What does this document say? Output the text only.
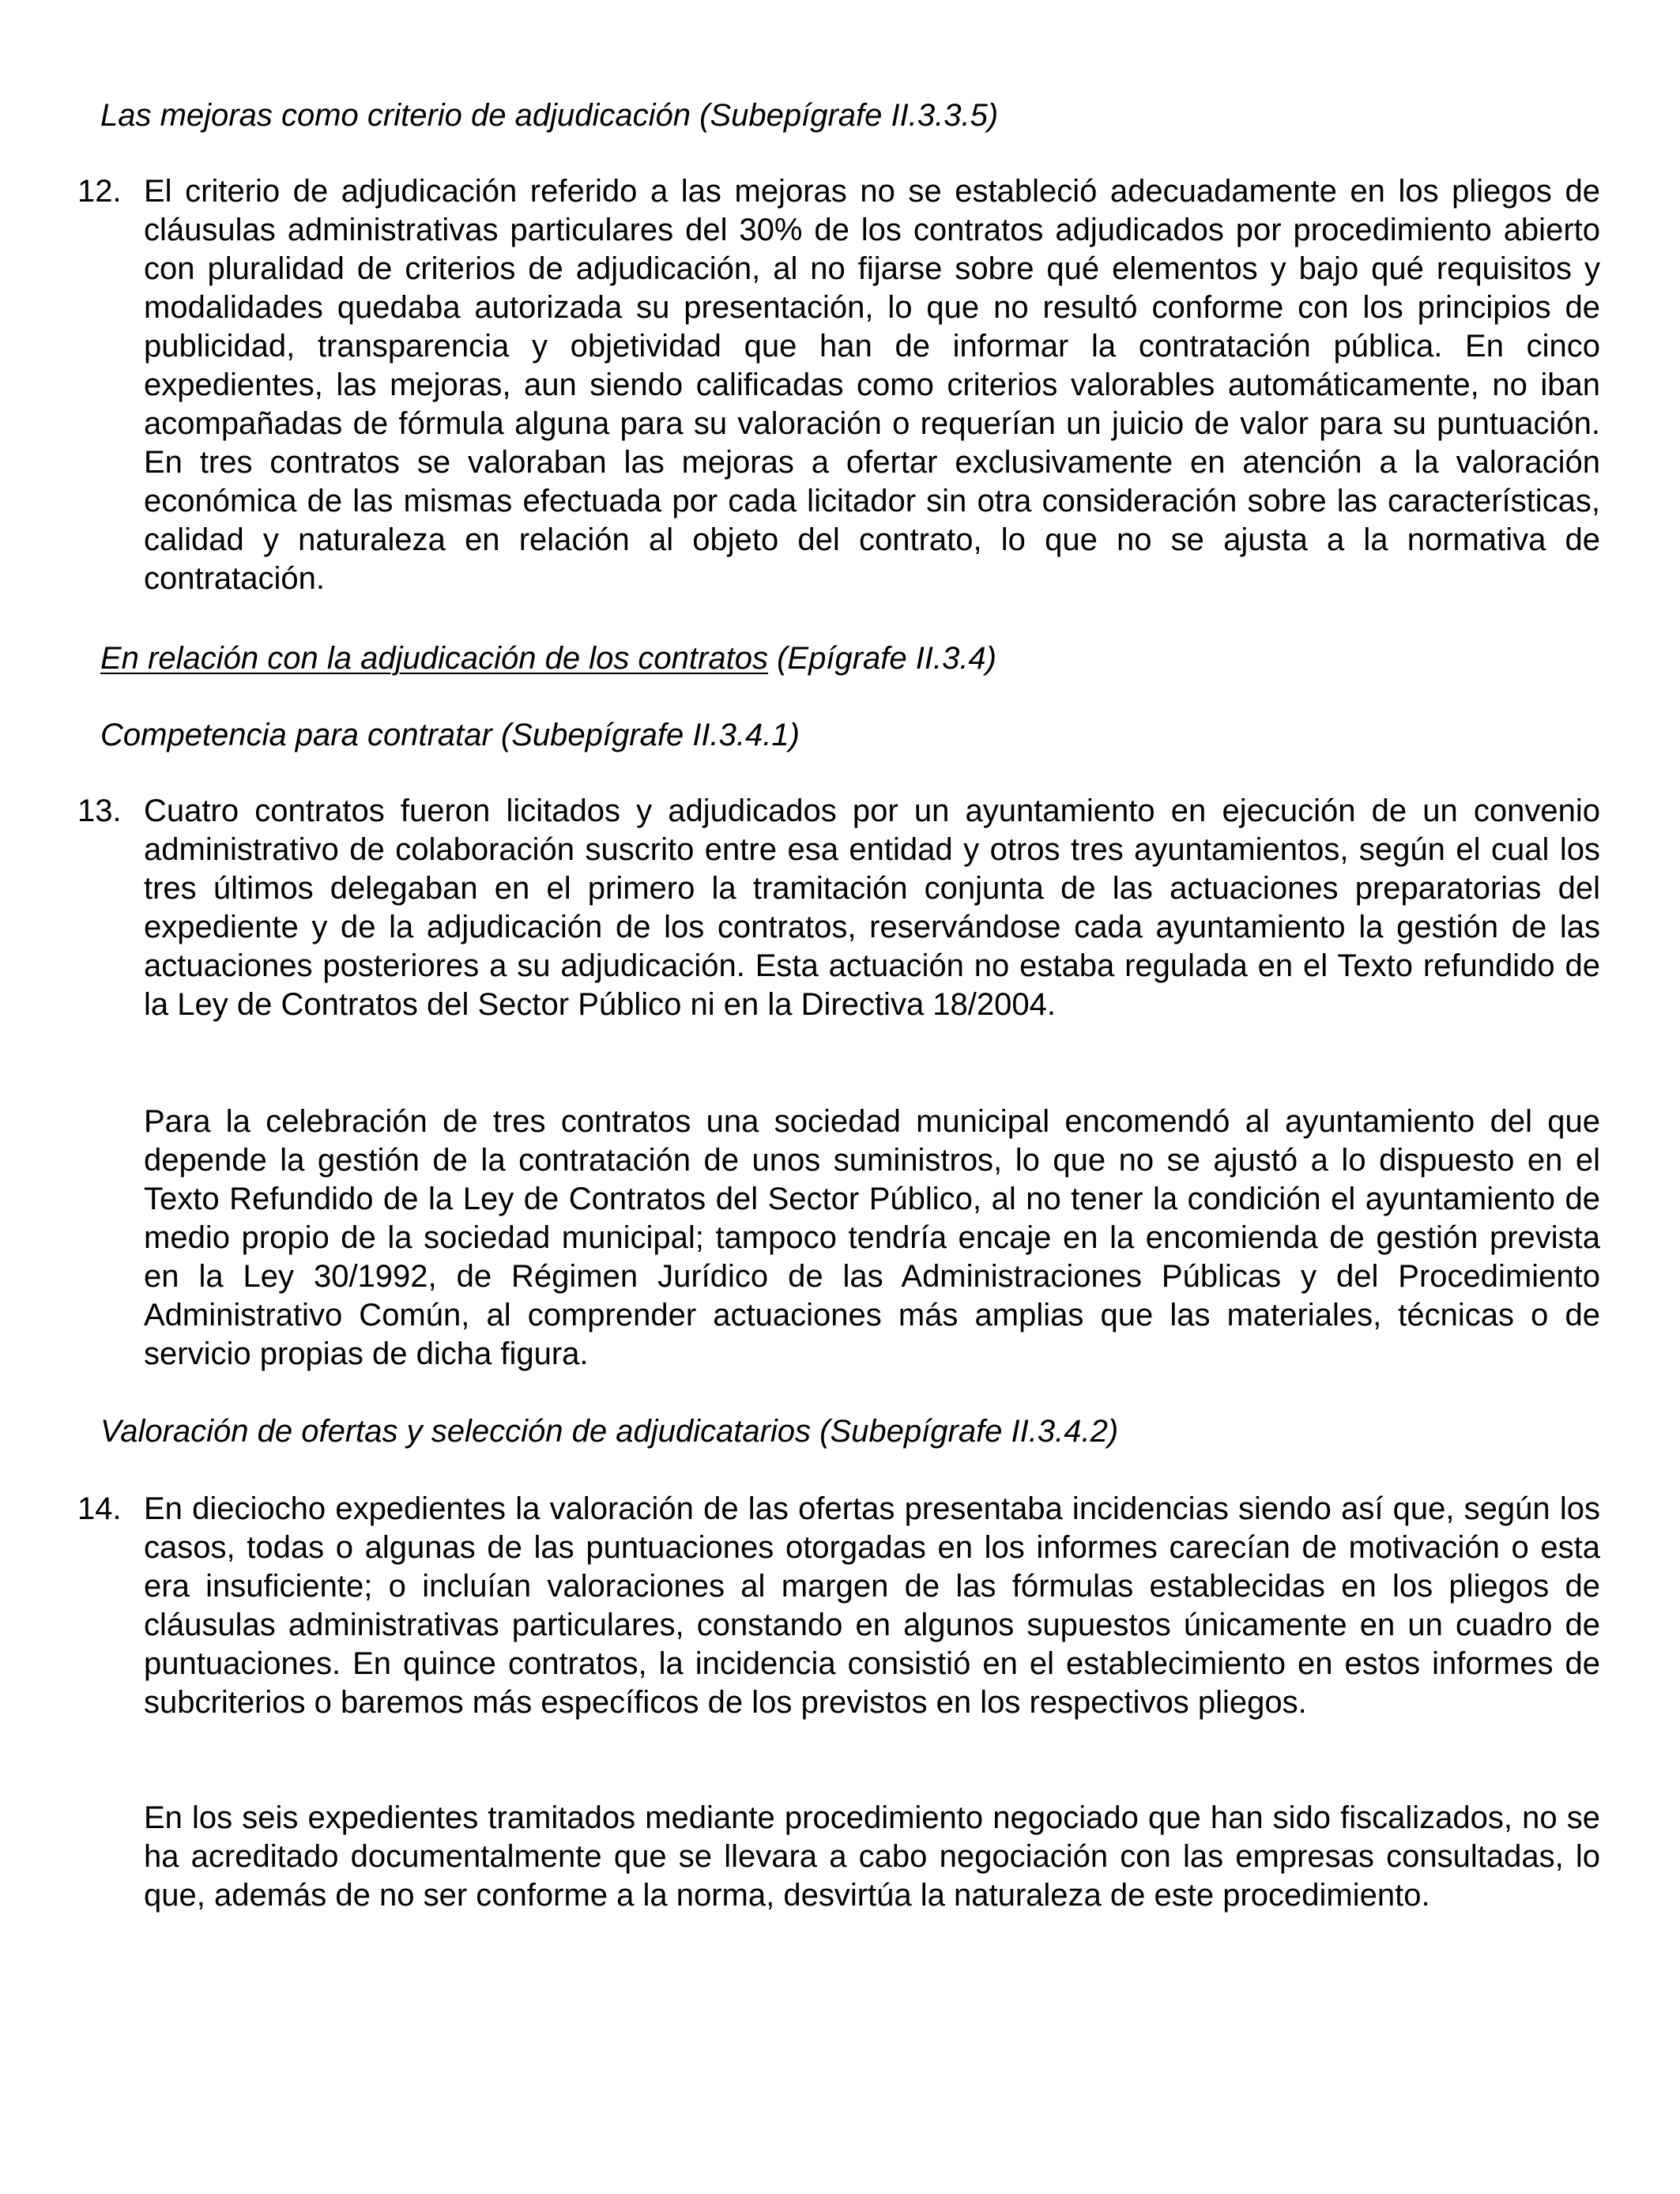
Las mejoras como criterio de adjudicación (Subepígrafe II.3.3.5)
12. El criterio de adjudicación referido a las mejoras no se estableció adecuadamente en los pliegos de cláusulas administrativas particulares del 30% de los contratos adjudicados por procedimiento abierto con pluralidad de criterios de adjudicación, al no fijarse sobre qué elementos y bajo qué requisitos y modalidades quedaba autorizada su presentación, lo que no resultó conforme con los principios de publicidad, transparencia y objetividad que han de informar la contratación pública. En cinco expedientes, las mejoras, aun siendo calificadas como criterios valorables automáticamente, no iban acompañadas de fórmula alguna para su valoración o requerían un juicio de valor para su puntuación. En tres contratos se valoraban las mejoras a ofertar exclusivamente en atención a la valoración económica de las mismas efectuada por cada licitador sin otra consideración sobre las características, calidad y naturaleza en relación al objeto del contrato, lo que no se ajusta a la normativa de contratación.
En relación con la adjudicación de los contratos (Epígrafe II.3.4)
Competencia para contratar (Subepígrafe II.3.4.1)
13. Cuatro contratos fueron licitados y adjudicados por un ayuntamiento en ejecución de un convenio administrativo de colaboración suscrito entre esa entidad y otros tres ayuntamientos, según el cual los tres últimos delegaban en el primero la tramitación conjunta de las actuaciones preparatorias del expediente y de la adjudicación de los contratos, reservándose cada ayuntamiento la gestión de las actuaciones posteriores a su adjudicación. Esta actuación no estaba regulada en el Texto refundido de la Ley de Contratos del Sector Público ni en la Directiva 18/2004.
Para la celebración de tres contratos una sociedad municipal encomendó al ayuntamiento del que depende la gestión de la contratación de unos suministros, lo que no se ajustó a lo dispuesto en el Texto Refundido de la Ley de Contratos del Sector Público, al no tener la condición el ayuntamiento de medio propio de la sociedad municipal; tampoco tendría encaje en la encomienda de gestión prevista en la Ley 30/1992, de Régimen Jurídico de las Administraciones Públicas y del Procedimiento Administrativo Común, al comprender actuaciones más amplias que las materiales, técnicas o de servicio propias de dicha figura.
Valoración de ofertas y selección de adjudicatarios (Subepígrafe II.3.4.2)
14. En dieciocho expedientes la valoración de las ofertas presentaba incidencias siendo así que, según los casos, todas o algunas de las puntuaciones otorgadas en los informes carecían de motivación o esta era insuficiente; o incluían valoraciones al margen de las fórmulas establecidas en los pliegos de cláusulas administrativas particulares, constando en algunos supuestos únicamente en un cuadro de puntuaciones. En quince contratos, la incidencia consistió en el establecimiento en estos informes de subcriterios o baremos más específicos de los previstos en los respectivos pliegos.
En los seis expedientes tramitados mediante procedimiento negociado que han sido fiscalizados, no se ha acreditado documentalmente que se llevara a cabo negociación con las empresas consultadas, lo que, además de no ser conforme a la norma, desvirtúa la naturaleza de este procedimiento.
